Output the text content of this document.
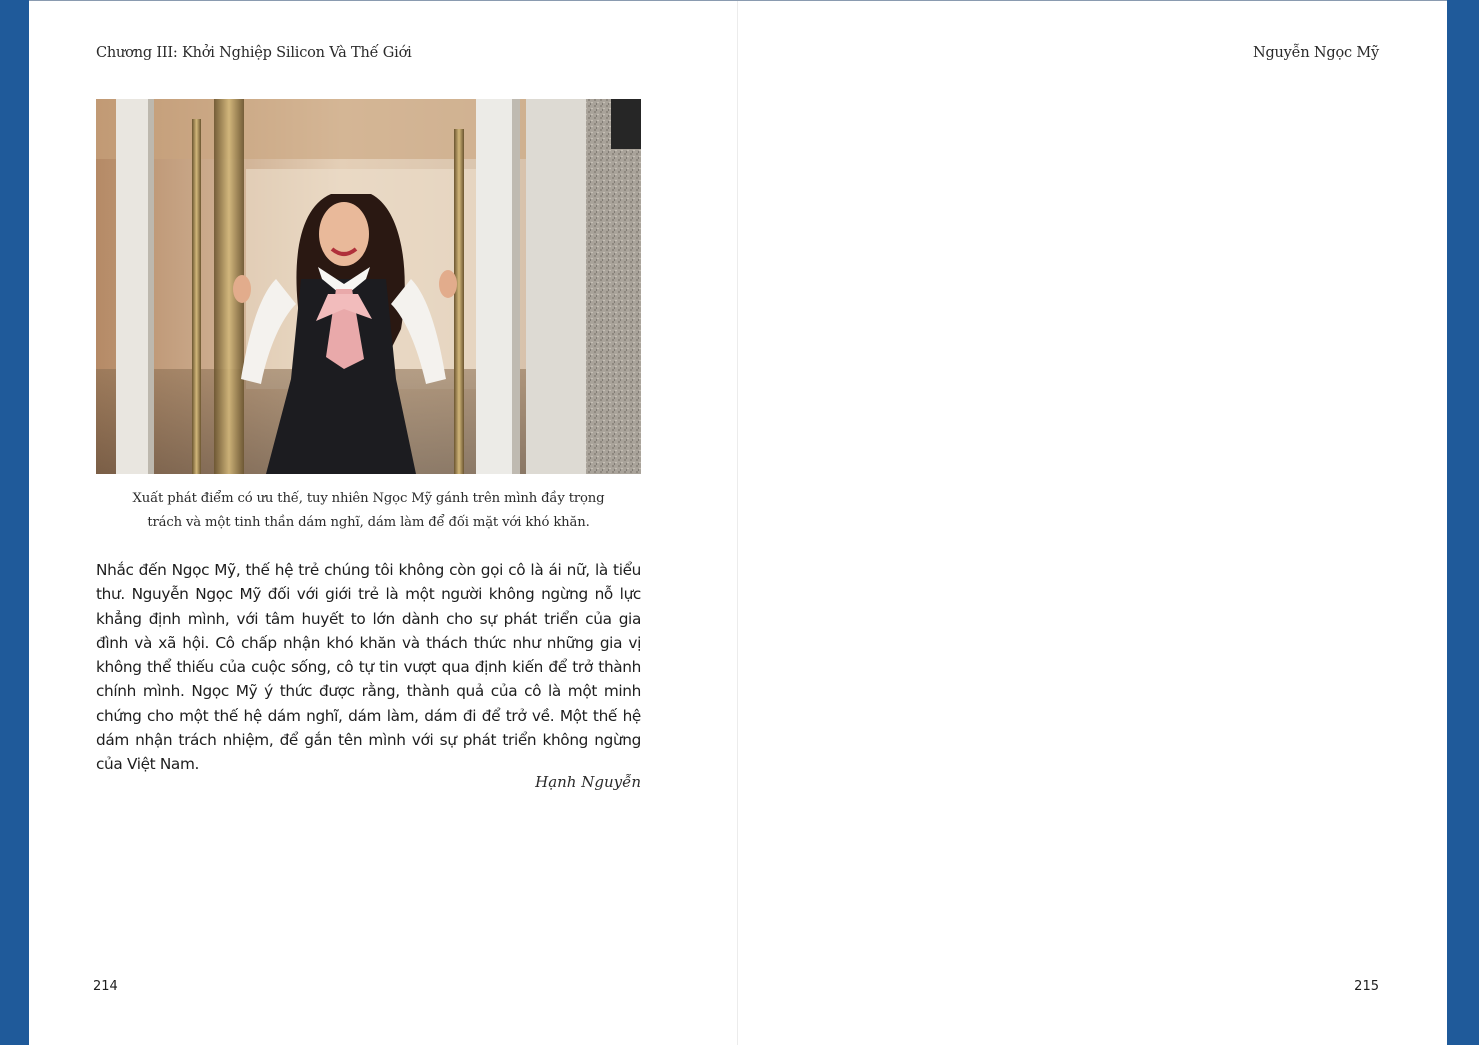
Chương III: Khởi Nghiệp Silicon Và Thế Giới

Xuất phát điểm có ưu thế, tuy nhiên Ngọc Mỹ gánh trên mình đầy trọng

trách và một tinh thần dám nghĩ, dám làm để đối mặt với khó khăn.

Nhắc đến Ngọc Mỹ, thế hệ trẻ chúng tôi không còn gọi cô là ái nữ, là tiểu thư. Nguyễn Ngọc Mỹ đối với giới trẻ là một người không ngừng nỗ lực khẳng định mình, với tâm huyết to lớn dành cho sự phát triển của gia đình và xã hội. Cô chấp nhận khó khăn và thách thức như những gia vị không thể thiếu của cuộc sống, cô tự tin vượt qua định kiến để trở thành chính mình. Ngọc Mỹ ý thức được rằng, thành quả của cô là một minh chứng cho một thế hệ dám nghĩ, dám làm, dám đi để trở về. Một thế hệ dám nhận trách nhiệm, để gắn tên mình với sự phát triển không ngừng của Việt Nam.

Hạnh Nguyễn
214
Nguyễn Ngọc Mỹ
215
